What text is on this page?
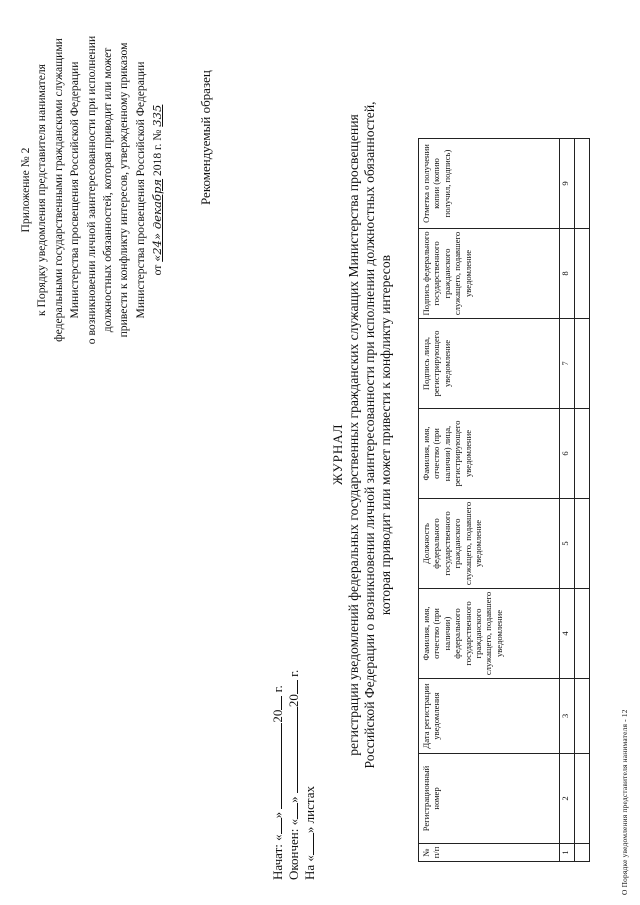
Приложение № 2 к Порядку уведомления представителя нанимателя федеральными государственными гражданскими служащими Министерства просвещения Российской Федерации о возникновении личной заинтересованности при исполнении должностных обязанностей, которая приводит или может привести к конфликту интересов, утвержденному приказом Министерства просвещения Российской Федерации от «24» декабря 2018 г. № 335	Рекомендуемый образец
Начат: «» 20 г.
Окончен: «» 20 г.
На «» листах
ЖУРНАЛ регистрации уведомлений федеральных государственных гражданских служащих Министерства просвещения Российской Федерации о возникновении личной заинтересованности при исполнении должностных обязанностей, которая приводит или может привести к конфликту интересов
№ п/п	Регистрационный номер	Дата регистрации уведомления	Фамилия, имя, отчество (при наличии) федерального государственного гражданского служащего, подавшего уведомление	Должность федерального государственного гражданского служащего, подавшего уведомление	Фамилия, имя, отчество (при наличии) лица, регистрирующего уведомление	Подпись лица, регистрирующего уведомление	Подпись федерального государственного гражданского служащего, подавшего уведомление	Отметка о получении копии (копию получил, подпись)
1	2	3	4	5	6	7	8	9

О Порядке уведомления представителя нанимателя - 12
